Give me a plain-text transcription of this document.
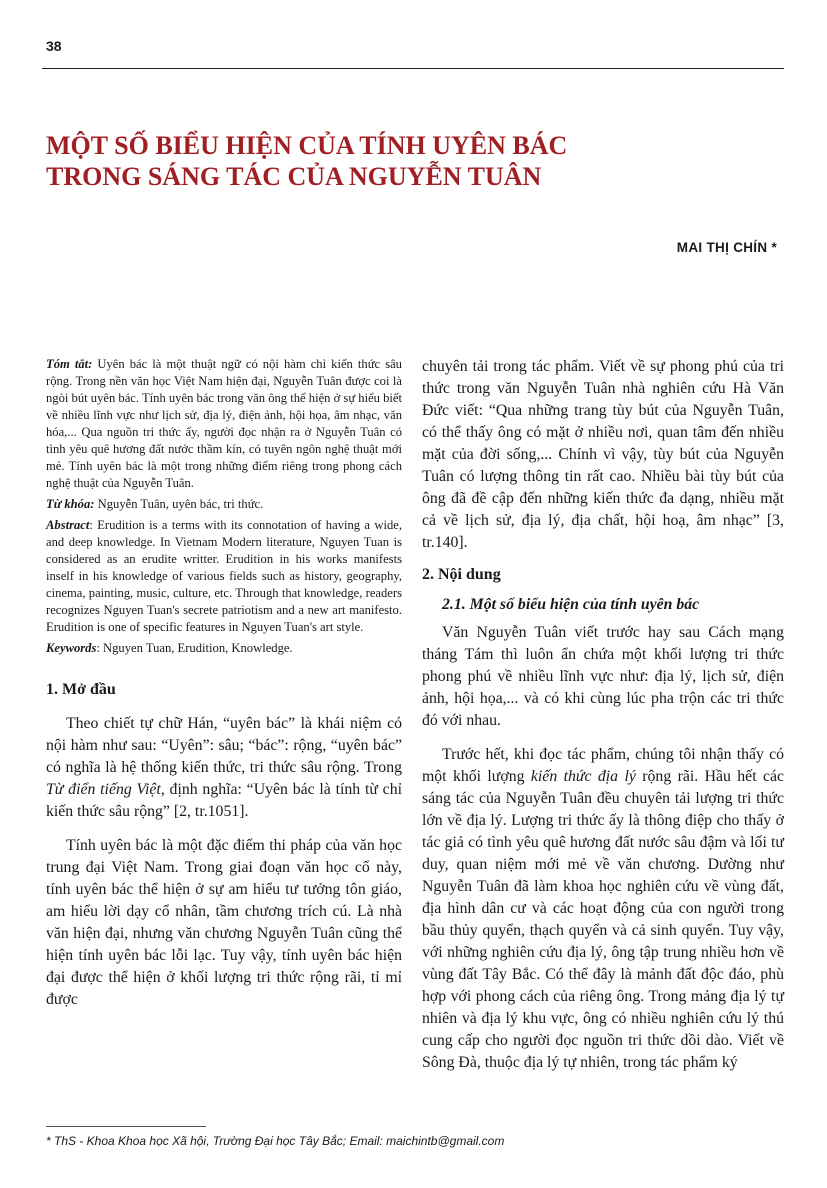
38
MỘT SỐ BIỂU HIỆN CỦA TÍNH UYÊN BÁC
TRONG SÁNG TÁC CỦA NGUYỄN TUÂN
MAI THỊ CHÍN *

Tóm tắt: Uyên bác là một thuật ngữ có nội hàm chỉ kiến thức sâu rộng. Trong nền văn học Việt Nam hiện đại, Nguyễn Tuân được coi là ngòi bút uyên bác. Tính uyên bác trong văn ông thể hiện ở sự hiểu biết về nhiều lĩnh vực như lịch sử, địa lý, điện ảnh, hội họa, âm nhạc, văn hóa,... Qua nguồn tri thức ấy, người đọc nhận ra ở Nguyễn Tuân có tình yêu quê hương đất nước thầm kín, có tuyên ngôn nghệ thuật mới mẻ. Tính uyên bác là một trong những điểm riêng trong phong cách nghệ thuật của Nguyễn Tuân.

Từ khóa: Nguyễn Tuân, uyên bác, tri thức.

Abstract: Erudition is a terms with its connotation of having a wide, and deep knowledge. In Vietnam Modern literature, Nguyen Tuan is considered as an erudite writter. Erudition in his works manifests inself in his knowledge of various fields such as history, geography, cinema, painting, music, culture, etc. Through that knowledge, readers recognizes Nguyen Tuan's secrete patriotism and a new art manifesto. Erudition is one of specific features in Nguyen Tuan's art style.

Keywords: Nguyen Tuan, Erudition, Knowledge.

1. Mở đầu

Theo chiết tự chữ Hán, “uyên bác” là khái niệm có nội hàm như sau: “Uyên”: sâu; “bác”: rộng, “uyên bác” có nghĩa là hệ thống kiến thức, tri thức sâu rộng. Trong Từ điển tiếng Việt, định nghĩa: “Uyên bác là tính từ chỉ kiến thức sâu rộng” [2, tr.1051].

Tính uyên bác là một đặc điểm thi pháp của văn học trung đại Việt Nam. Trong giai đoạn văn học cổ này, tính uyên bác thể hiện ở sự am hiểu tư tưởng tôn giáo, am hiểu lời dạy cổ nhân, tầm chương trích cú. Là nhà văn hiện đại, nhưng văn chương Nguyễn Tuân cũng thể hiện tính uyên bác lỗi lạc. Tuy vậy, tính uyên bác hiện đại được thể hiện ở khối lượng tri thức rộng rãi, tỉ mỉ được

chuyên tải trong tác phẩm. Viết về sự phong phú của tri thức trong văn Nguyễn Tuân nhà nghiên cứu Hà Văn Đức viết: “Qua những trang tùy bút của Nguyễn Tuân, có thể thấy ông có mặt ở nhiều nơi, quan tâm đến nhiều mặt của đời sống,... Chính vì vậy, tùy bút của Nguyễn Tuân có lượng thông tin rất cao. Nhiều bài tùy bút của ông đã đề cập đến những kiến thức đa dạng, nhiều mặt cả về lịch sử, địa lý, địa chất, hội hoạ, âm nhạc” [3, tr.140].

2. Nội dung
2.1. Một số biểu hiện của tính uyên bác

Văn Nguyễn Tuân viết trước hay sau Cách mạng tháng Tám thì luôn ẩn chứa một khối lượng tri thức phong phú về nhiều lĩnh vực như: địa lý, lịch sử, điện ảnh, hội họa,... và có khi cùng lúc pha trộn các tri thức đó với nhau.

Trước hết, khi đọc tác phẩm, chúng tôi nhận thấy có một khối lượng kiến thức địa lý rộng rãi. Hầu hết các sáng tác của Nguyễn Tuân đều chuyên tải lượng tri thức lớn về địa lý. Lượng tri thức ấy là thông điệp cho thấy ở tác giả có tình yêu quê hương đất nước sâu đậm và lối tư duy, quan niệm mới mẻ về văn chương. Dường như Nguyễn Tuân đã làm khoa học nghiên cứu về vùng đất, địa hình dân cư và các hoạt động của con người trong bầu thủy quyển, thạch quyển và cả sinh quyển. Tuy vậy, với những nghiên cứu địa lý, ông tập trung nhiều hơn về vùng đất Tây Bắc. Có thể đây là mảnh đất độc đáo, phù hợp với phong cách của riêng ông. Trong mảng địa lý tự nhiên và địa lý khu vực, ông có nhiều nghiên cứu lý thú cung cấp cho người đọc nguồn tri thức dồi dào. Viết về Sông Đà, thuộc địa lý tự nhiên, trong tác phẩm ký

* ThS - Khoa Khoa học Xã hội, Trường Đại học Tây Bắc; Email: maichintb@gmail.com
